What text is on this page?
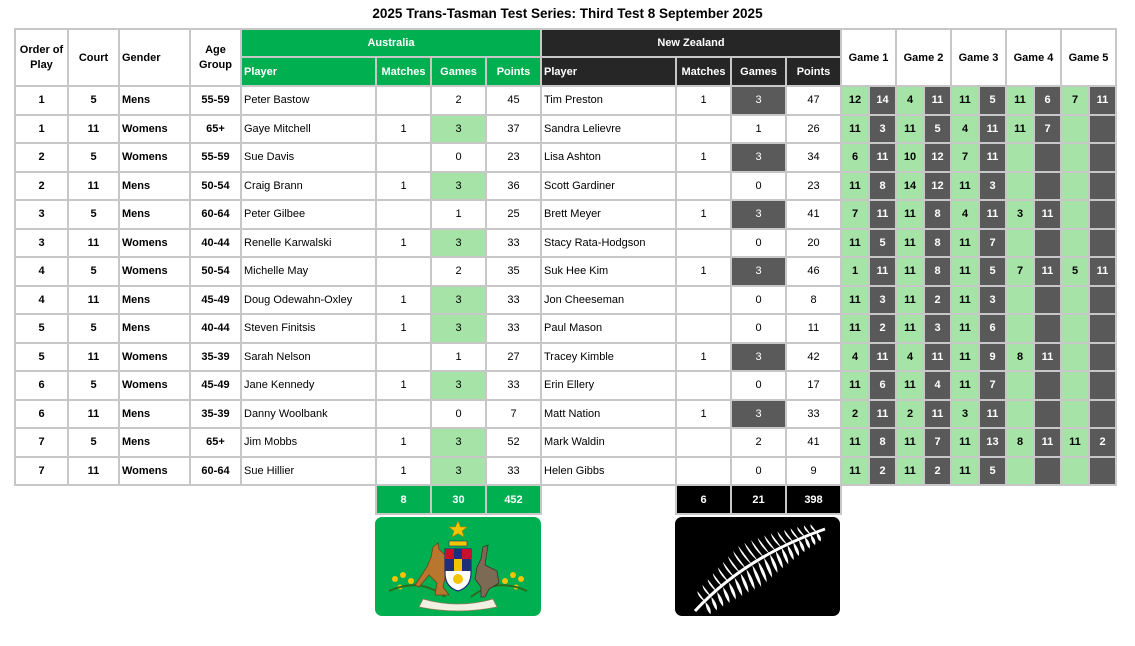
2025 Trans-Tasman Test Series: Third Test 8 September 2025
Order of Play	Court	Gender	Age Group	Australia				New Zealand				Game 1		Game 2		Game 3		Game 4		Game 5	
				Player	Matches	Games	Points	Player	Matches	Games	Points										
1	5	Mens	55-59	Peter Bastow		2	45	Tim Preston	1	3	47	12	14	4	11	11	5	11	6	7	11
1	11	Womens	65+	Gaye Mitchell	1	3	37	Sandra Lelievre		1	26	11	3	11	5	4	11	11	7		
2	5	Womens	55-59	Sue Davis		0	23	Lisa Ashton	1	3	34	6	11	10	12	7	11				
2	11	Mens	50-54	Craig Brann	1	3	36	Scott Gardiner		0	23	11	8	14	12	11	3				
3	5	Mens	60-64	Peter Gilbee		1	25	Brett Meyer	1	3	41	7	11	11	8	4	11	3	11		
3	11	Womens	40-44	Renelle Karwalski	1	3	33	Stacy Rata-Hodgson		0	20	11	5	11	8	11	7				
4	5	Womens	50-54	Michelle May		2	35	Suk Hee Kim	1	3	46	1	11	11	8	11	5	7	11	5	11
4	11	Mens	45-49	Doug Odewahn-Oxley	1	3	33	Jon Cheeseman		0	8	11	3	11	2	11	3				
5	5	Mens	40-44	Steven Finitsis	1	3	33	Paul Mason		0	11	11	2	11	3	11	6				
5	11	Womens	35-39	Sarah Nelson		1	27	Tracey Kimble	1	3	42	4	11	4	11	11	9	8	11		
6	5	Womens	45-49	Jane Kennedy	1	3	33	Erin Ellery		0	17	11	6	11	4	11	7				
6	11	Mens	35-39	Danny Woolbank		0	7	Matt Nation	1	3	33	2	11	2	11	3	11				
7	5	Mens	65+	Jim Mobbs	1	3	52	Mark Waldin		2	41	11	8	11	7	11	13	8	11	11	2
7	11	Womens	60-64	Sue Hillier	1	3	33	Helen Gibbs		0	9	11	2	11	2	11	5				
					8	30	452		6	21	398										
